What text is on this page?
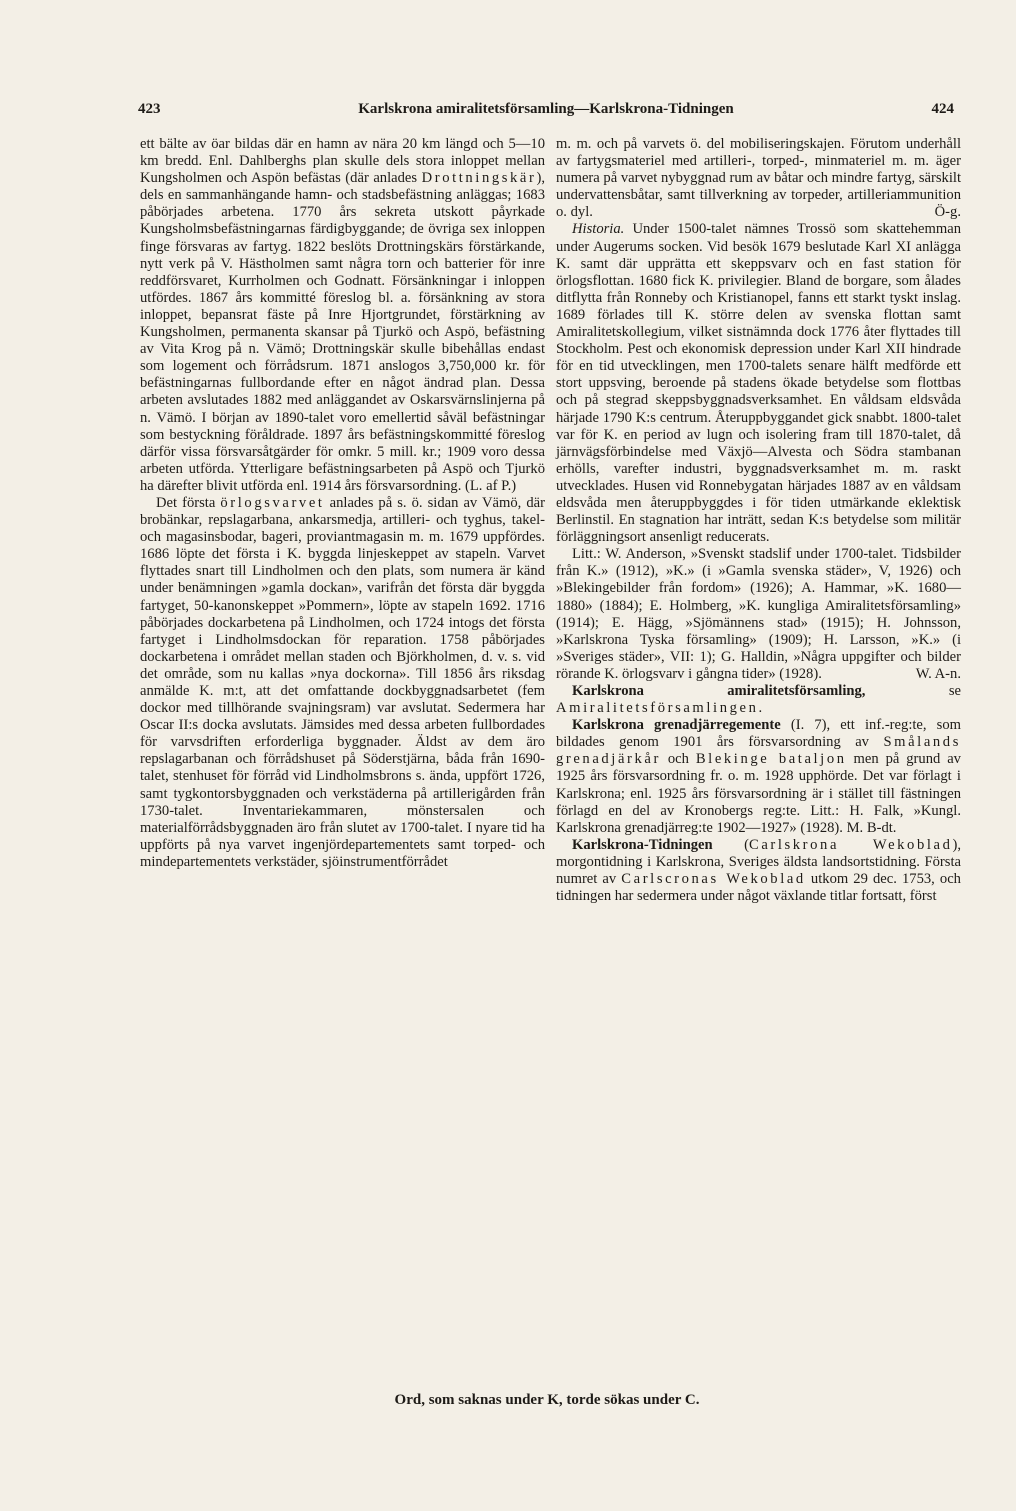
423	Karlskrona amiralitetsförsamling—Karlskrona-Tidningen	424

ett bälte av öar bildas där en hamn av nära 20 km längd och 5—10 km bredd. Enl. Dahlberghs plan skulle dels stora inloppet mellan Kungsholmen och Aspön befästas (där anlades Drottningskär), dels en sammanhängande hamn- och stadsbefästning anläggas; 1683 påbörjades arbetena. 1770 års sekreta utskott påyrkade Kungsholmsbefästningarnas färdigbyggande; de övriga sex inloppen finge försvaras av fartyg. 1822 beslöts Drottningskärs förstärkande, nytt verk på V. Hästholmen samt några torn och batterier för inre reddförsvaret, Kurrholmen och Godnatt. Försänkningar i inloppen utfördes. 1867 års kommitté föreslog bl. a. försänkning av stora inloppet, bepansrat fäste på Inre Hjortgrundet, förstärkning av Kungsholmen, permanenta skansar på Tjurkö och Aspö, befästning av Vita Krog på n. Vämö; Drottningskär skulle bibehållas endast som logement och förrådsrum. 1871 anslogos 3,750,000 kr. för befästningarnas fullbordande efter en något ändrad plan. Dessa arbeten avslutades 1882 med anläggandet av Oskarsvärnslinjerna på n. Vämö. I början av 1890-talet voro emellertid såväl befästningar som bestyckning föråldrade. 1897 års befästningskommitté föreslog därför vissa försvarsåtgärder för omkr. 5 mill. kr.; 1909 voro dessa arbeten utförda. Ytterligare befästningsarbeten på Aspö och Tjurkö ha därefter blivit utförda enl. 1914 års försvarsordning. (L. af P.)

Det första örlogsvarvet anlades på s. ö. sidan av Vämö, där brobänkar, repslagarbana, ankarsmedja, artilleri- och tyghus, takel- och magasinsbodar, bageri, proviantmagasin m. m. 1679 uppfördes. 1686 löpte det första i K. byggda linjeskeppet av stapeln. Varvet flyttades snart till Lindholmen och den plats, som numera är känd under benämningen »gamla dockan», varifrån det första där byggda fartyget, 50-kanonskeppet »Pommern», löpte av stapeln 1692. 1716 påbörjades dockarbetena på Lindholmen, och 1724 intogs det första fartyget i Lindholmsdockan för reparation. 1758 påbörjades dockarbetena i området mellan staden och Björkholmen, d. v. s. vid det område, som nu kallas »nya dockorna». Till 1856 års riksdag anmälde K. m:t, att det omfattande dockbyggnadsarbetet (fem dockor med tillhörande svajningsram) var avslutat. Sedermera har Oscar II:s docka avslutats. Jämsides med dessa arbeten fullbordades för varvsdriften erforderliga byggnader. Äldst av dem äro repslagarbanan och förrådshuset på Söderstjärna, båda från 1690-talet, stenhuset för förråd vid Lindholmsbrons s. ända, uppfört 1726, samt tygkontorsbyggnaden och verkstäderna på artillerigården från 1730-talet. Inventariekammaren, mönstersalen och materialförrådsbyggnaden äro från slutet av 1700-talet. I nyare tid ha uppförts på nya varvet ingenjördepartementets samt torped- och mindepartementets verkstäder, sjöinstrumentförrådet

m. m. och på varvets ö. del mobiliseringskajen. Förutom underhåll av fartygsmateriel med artilleri-, torped-, minmateriel m. m. äger numera på varvet nybyggnad rum av båtar och mindre fartyg, särskilt undervattensbåtar, samt tillverkning av torpeder, artilleriammunition o. dyl.	Ö-g.

Historia. Under 1500-talet nämnes Trossö som skattehemman under Augerums socken. Vid besök 1679 beslutade Karl XI anlägga K. samt där upprätta ett skeppsvarv och en fast station för örlogsflottan. 1680 fick K. privilegier. Bland de borgare, som ålades ditflytta från Ronneby och Kristianopel, fanns ett starkt tyskt inslag. 1689 förlades till K. större delen av svenska flottan samt Amiralitetskollegium, vilket sistnämnda dock 1776 åter flyttades till Stockholm. Pest och ekonomisk depression under Karl XII hindrade för en tid utvecklingen, men 1700-talets senare hälft medförde ett stort uppsving, beroende på stadens ökade betydelse som flottbas och på stegrad skeppsbyggnadsverksamhet. En våldsam eldsvåda härjade 1790 K:s centrum. Återuppbyggandet gick snabbt. 1800-talet var för K. en period av lugn och isolering fram till 1870-talet, då järnvägsförbindelse med Växjö—Alvesta och Södra stambanan erhölls, varefter industri, byggnadsverksamhet m. m. raskt utvecklades. Husen vid Ronnebygatan härjades 1887 av en våldsam eldsvåda men återuppbyggdes i för tiden utmärkande eklektisk Berlinstil. En stagnation har inträtt, sedan K:s betydelse som militär förläggningsort ansenligt reducerats.

Litt.: W. Anderson, »Svenskt stadslif under 1700-talet. Tidsbilder från K.» (1912), »K.» (i »Gamla svenska städer», V, 1926) och »Blekingebilder från fordom» (1926); A. Hammar, »K. 1680—1880» (1884); E. Holmberg, »K. kungliga Amiralitetsförsamling» (1914); E. Hägg, »Sjömännens stad» (1915); H. Johnsson, »Karlskrona Tyska församling» (1909); H. Larsson, »K.» (i »Sveriges städer», VII: 1); G. Halldin, »Några uppgifter och bilder rörande K. örlogsvarv i gångna tider» (1928).	W. A-n.

Karlskrona amiralitetsförsamling,	se Amiralitetsförsamlingen.

Karlskrona grenadjärregemente (I. 7), ett inf.-reg:te, som bildades genom 1901 års försvarsordning av Smålands grenadjärkår och Blekinge bataljon men på grund av 1925 års försvarsordning fr. o. m. 1928 upphörde. Det var förlagt i Karlskrona; enl. 1925 års försvarsordning är i stället till fästningen förlagd en del av Kronobergs reg:te. Litt.: H. Falk, »Kungl. Karlskrona grenadjärreg:te 1902—1927» (1928). M. B-dt.

Karlskrona-Tidningen (Carlskrona Wekoblad), morgontidning i Karlskrona, Sveriges äldsta landsortstidning. Första numret av Carlscronas Wekoblad utkom 29 dec. 1753, och tidningen har sedermera under något växlande titlar fortsatt, först

Ord, som saknas under K, torde sökas under C.
